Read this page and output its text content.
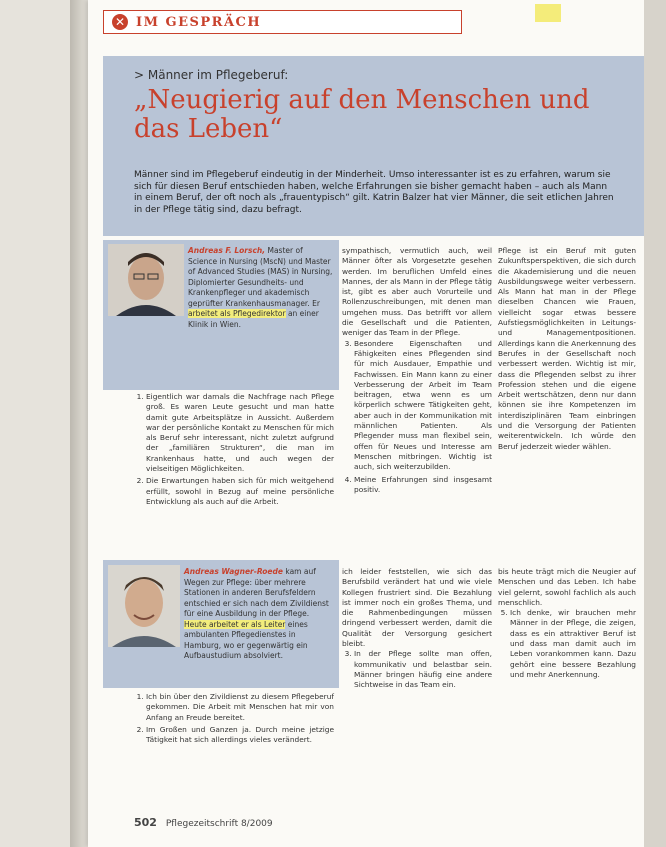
✕ IM GESPRÄCH
> Männer im Pflegeberuf:
„Neugierig auf den Menschen und das Leben“
Männer sind im Pflegeberuf eindeutig in der Minderheit. Umso interessanter ist es zu erfahren, warum sie sich für diesen Beruf entschieden haben, welche Erfahrungen sie bisher gemacht haben – auch als Mann in einem Beruf, der oft noch als „frauentypisch“ gilt. Katrin Balzer hat vier Männer, die seit etlichen Jahren in der Pflege tätig sind, dazu befragt.
Andreas F. Lorsch, Master of Science in Nursing (MscN) und Master of Advanced Studies (MAS) in Nursing, Diplomierter Gesundheits- und Krankenpfleger und akademisch geprüfter Krankenhausmanager. Er arbeitet als Pflegedirektor an einer Klinik in Wien.
1. Eigentlich war damals die Nachfrage nach Pflege groß. Es waren Leute gesucht und man hatte damit gute Arbeitsplätze in Aussicht. Außerdem war der persönliche Kontakt zu Menschen für mich als Beruf sehr interessant, nicht zuletzt aufgrund der „familiären Strukturen“, die man im Krankenhaus hatte, und auch wegen der vielseitigen Möglichkeiten.
2. Die Erwartungen haben sich für mich weitgehend erfüllt, sowohl in Bezug auf meine persönliche Entwicklung als auch auf die Arbeit.
sympathisch, vermutlich auch, weil Männer öfter als Vorgesetzte gesehen werden. Im beruflichen Umfeld eines Mannes, der als Mann in der Pflege tätig ist, gibt es aber auch Vorurteile und Rollenzuschreibungen, mit denen man umgehen muss. Das betrifft vor allem die Gesellschaft und die Patienten, weniger das Team in der Pflege.
3. Besondere Eigenschaften und Fähigkeiten eines Pflegenden sind für mich Ausdauer, Empathie und Fachwissen. Ein Mann kann zu einer Verbesserung der Arbeit im Team beitragen, etwa wenn es um körperlich schwere Tätigkeiten geht, aber auch in der Kommunikation mit männlichen Patienten. Als Pflegender muss man flexibel sein, offen für Neues und Interesse am Menschen mitbringen. Wichtig ist auch, sich weiterzubilden.
4. Meine Erfahrungen sind insgesamt positiv.
Pflege ist ein Beruf mit guten Zukunftsperspektiven, die sich durch die Akademisierung und die neuen Ausbildungswege weiter verbessern. Als Mann hat man in der Pflege dieselben Chancen wie Frauen, vielleicht sogar etwas bessere Aufstiegsmöglichkeiten in Leitungs- und Managementpositionen. Allerdings kann die Anerkennung des Berufes in der Gesellschaft noch verbessert werden. Wichtig ist mir, dass die Pflegenden selbst zu ihrer Profession stehen und die eigene Arbeit wertschätzen, denn nur dann können sie ihre Kompetenzen im interdisziplinären Team einbringen und die Versorgung der Patienten weiterentwickeln. Ich würde den Beruf jederzeit wieder wählen.
Andreas Wagner-Roede kam auf Wegen zur Pflege: über mehrere Stationen in anderen Berufsfeldern entschied er sich nach dem Zivildienst für eine Ausbildung in der Pflege. Heute arbeitet er als Leiter eines ambulanten Pflegedienstes in Hamburg, wo er gegenwärtig ein Aufbaustudium absolviert.
1. Ich bin über den Zivildienst zu diesem Pflegeberuf gekommen. Die Arbeit mit Menschen hat mir von Anfang an Freude bereitet.
2. Im Großen und Ganzen ja. Durch meine jetzige Tätigkeit hat sich allerdings vieles verändert.
ich leider feststellen, wie sich das Berufsbild verändert hat und wie viele Kollegen frustriert sind. Die Bezahlung ist immer noch ein großes Thema, und die Rahmenbedingungen müssen dringend verbessert werden, damit die Qualität der Versorgung gesichert bleibt.
3. In der Pflege sollte man offen, kommunikativ und belastbar sein. Männer bringen häufig eine andere Sichtweise in das Team ein.
bis heute trägt mich die Neugier auf Menschen und das Leben. Ich habe viel gelernt, sowohl fachlich als auch menschlich.
5. Ich denke, wir brauchen mehr Männer in der Pflege, die zeigen, dass es ein attraktiver Beruf ist und dass man damit auch im Leben vorankommen kann. Dazu gehört eine bessere Bezahlung und mehr Anerkennung.
502 Pflegezeitschrift 8/2009
